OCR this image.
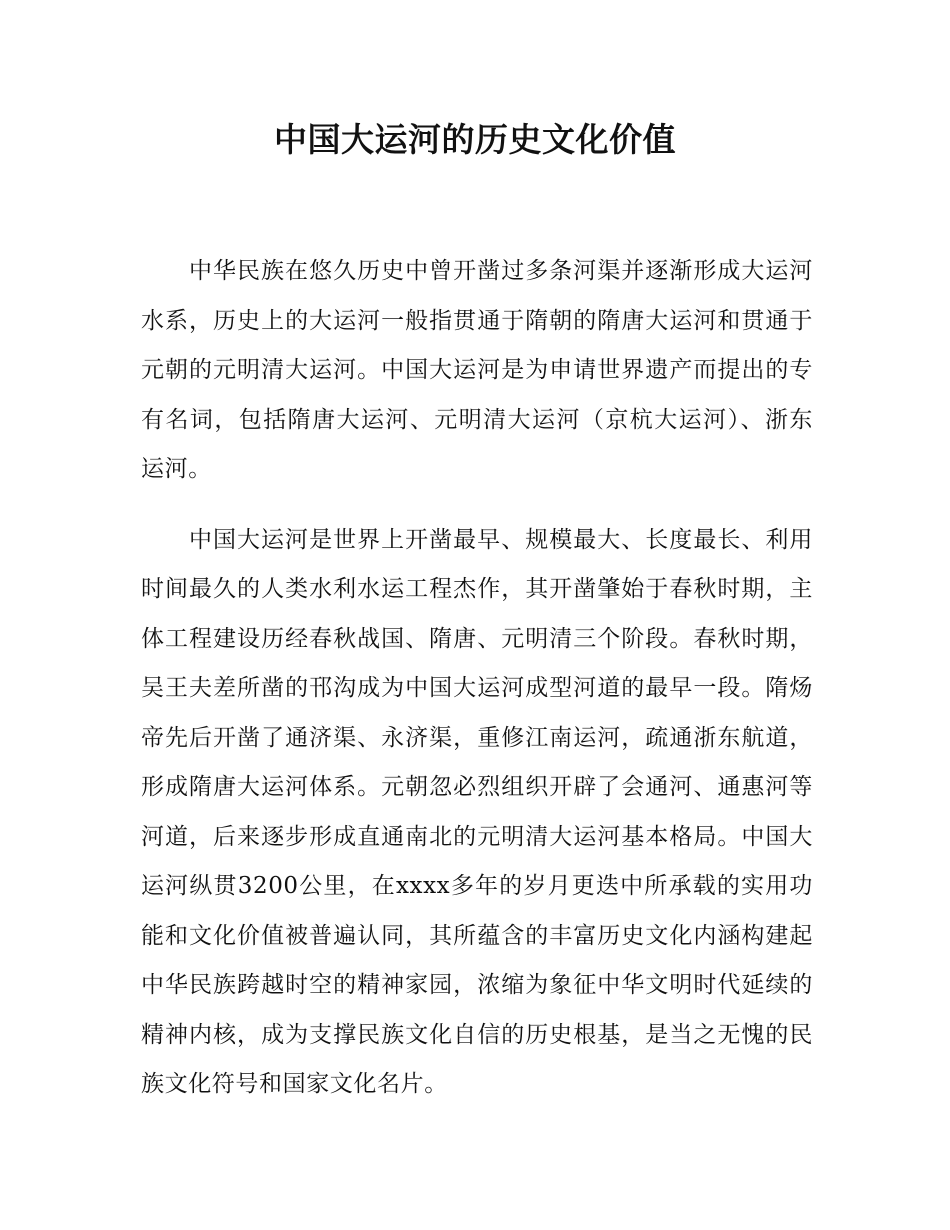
中国大运河的历史文化价值

中华民族在悠久历史中曾开凿过多条河渠并逐渐形成大运河水系，历史上的大运河一般指贯通于隋朝的隋唐大运河和贯通于元朝的元明清大运河。中国大运河是为申请世界遗产而提出的专有名词，包括隋唐大运河、元明清大运河（京杭大运河）、浙东运河。

中国大运河是世界上开凿最早、规模最大、长度最长、利用时间最久的人类水利水运工程杰作，其开凿肇始于春秋时期，主体工程建设历经春秋战国、隋唐、元明清三个阶段。春秋时期，吴王夫差所凿的邗沟成为中国大运河成型河道的最早一段。隋炀帝先后开凿了通济渠、永济渠，重修江南运河，疏通浙东航道，形成隋唐大运河体系。元朝忽必烈组织开辟了会通河、通惠河等河道，后来逐步形成直通南北的元明清大运河基本格局。中国大运河纵贯3200公里，在xxxx多年的岁月更迭中所承载的实用功能和文化价值被普遍认同，其所蕴含的丰富历史文化内涵构建起中华民族跨越时空的精神家园，浓缩为象征中华文明时代延续的精神内核，成为支撑民族文化自信的历史根基，是当之无愧的民族文化符号和国家文化名片。
